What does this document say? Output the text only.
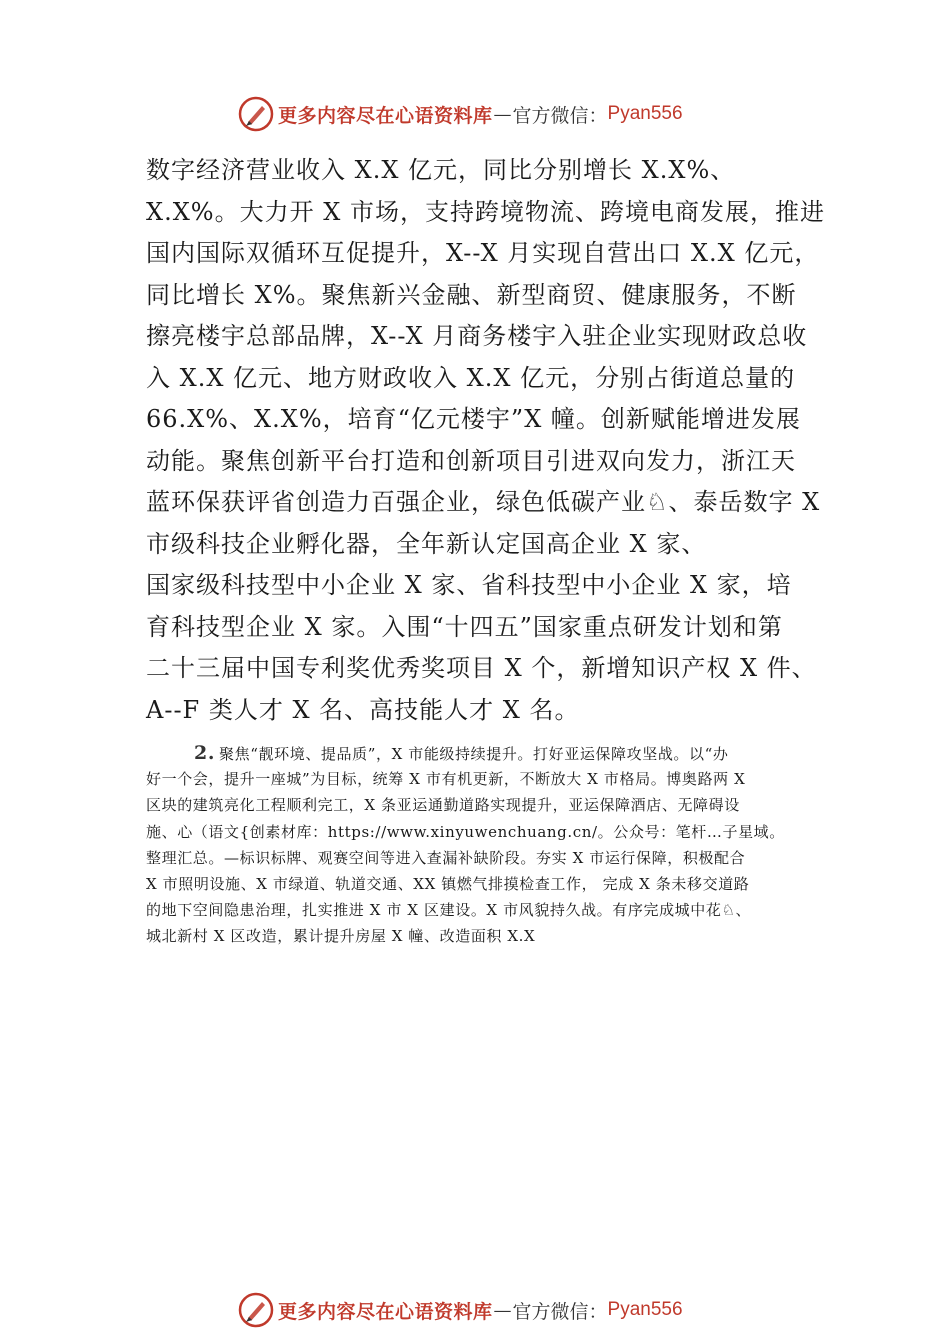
更多内容尽在心语资料库 — 官方微信： Pyan556
数字经济营业收入 X.X 亿元，同比分别增长 X.X%、
X.X%。大力开 X 市场，支持跨境物流、跨境电商发展，推进
国内国际双循环互促提升，X--X 月实现自营出口 X.X 亿元，
同比增长 X%。聚焦新兴金融、新型商贸、健康服务，不断
擦亮楼宇总部品牌，X--X 月商务楼宇入驻企业实现财政总收
入 X.X 亿元、地方财政收入 X.X 亿元，分别占街道总量的
66.X%、X.X%，培育“亿元楼宇”X 幢。创新赋能增进发展
动能。聚焦创新平台打造和创新项目引进双向发力，浙江天
蓝环保获评省创造力百强企业，绿色低碳产业♘、泰岳数字 X
市级科技企业孵化器，全年新认定国高企业 X 家、
国家级科技型中小企业 X 家、省科技型中小企业 X 家，培
育科技型企业 X 家。入围“十四五”国家重点研发计划和第
二十三届中国专利奖优秀奖项目 X 个，新增知识产权 X 件、
A--F 类人才 X 名、高技能人才 X 名。
2. 聚焦“靓环境、提品质”，X 市能级持续提升。打好亚运保障攻坚战。以“办
好一个会，提升一座城”为目标，统筹 X 市有机更新，不断放大 X 市格局。博奥路两 X
区块的建筑亮化工程顺利完工，X 条亚运通勤道路实现提升，亚运保障酒店、无障碍设
施、心（语文{创素材库：https://www.xinyuwenchuang.cn/。公众号：笔杆…子星域。
整理汇总。—标识标牌、观赛空间等进入查漏补缺阶段。夯实 X 市运行保障，积极配合
X 市照明设施、X 市绿道、轨道交通、XX 镇燃气排摸检查工作， 完成 X 条未移交道路
的地下空间隐患治理，扎实推进 X 市 X 区建设。X 市风貌持久战。有序完成城中花♘、
城北新村 X 区改造，累计提升房屋 X 幢、改造面积 X.X
更多内容尽在心语资料库 — 官方微信： Pyan556
